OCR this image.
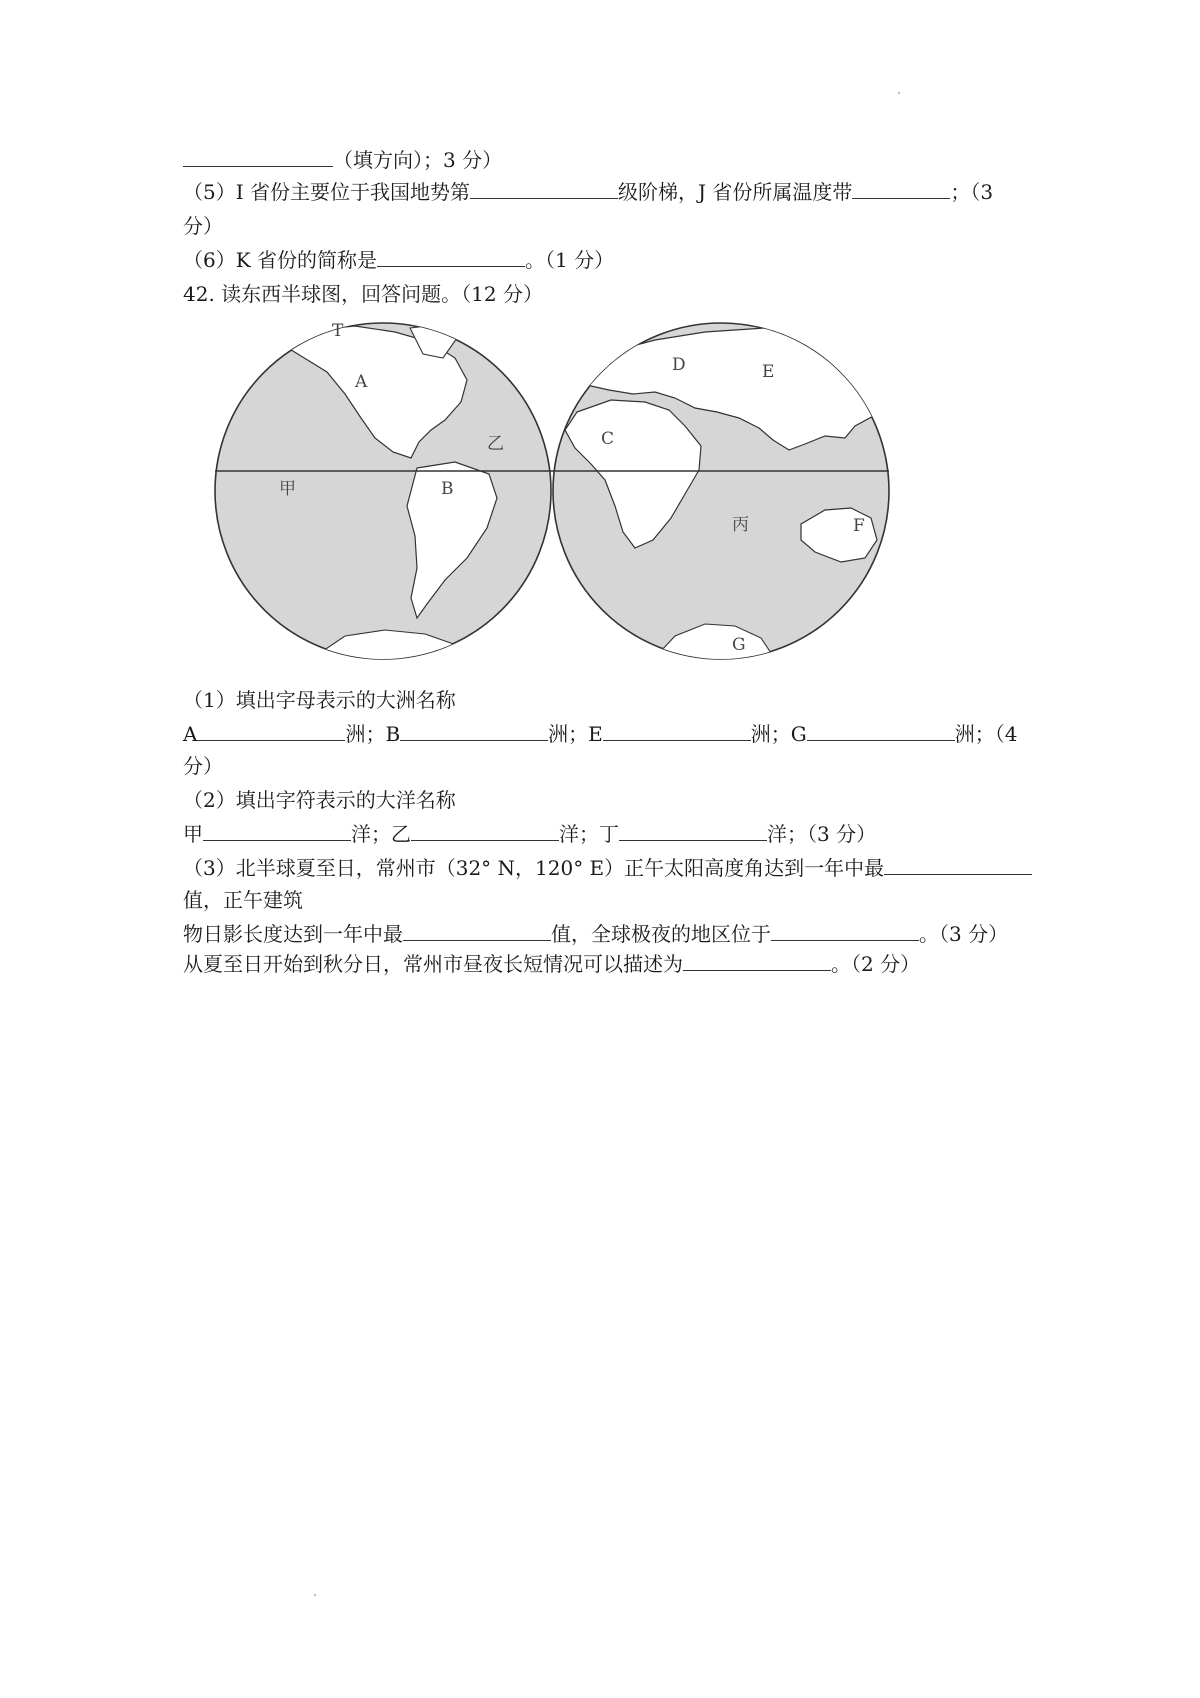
（填方向）；3 分）
（5）I 省份主要位于我国地势第	级阶梯，J 省份所属温度带	；（3
分）
（6）K 省份的简称是	。（1 分）
42. 读东西半球图，回答问题。（12 分）
T
A
B
甲
乙
D	E
C
F
丙
G
（1）填出字母表示的大洲名称
A	洲；B	洲；E	洲；G	洲；（4
分）
（2）填出字符表示的大洋名称
甲	洋；乙	洋；丁	洋；（3 分）
（3）北半球夏至日，常州市（32° N，120° E）正午太阳高度角达到一年中最
值，正午建筑
物日影长度达到一年中最	值，全球极夜的地区位于	。（3 分）
从夏至日开始到秋分日，常州市昼夜长短情况可以描述为	。（2 分）
